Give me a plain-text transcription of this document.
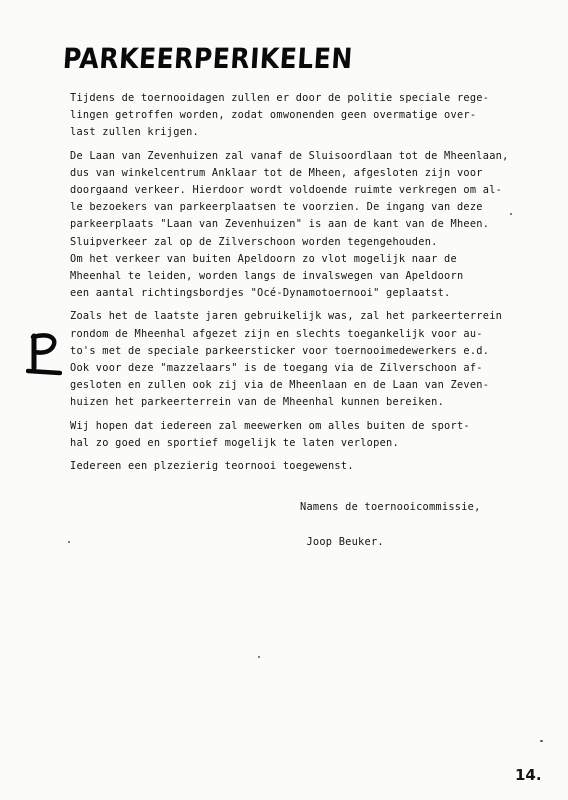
PARKEERPERIKELEN

Tijdens de toernooidagen zullen er door de politie speciale rege-
lingen getroffen worden, zodat omwonenden geen overmatige over-
last zullen krijgen.

De Laan van Zevenhuizen zal vanaf de Sluisoordlaan tot de Mheenlaan,
dus van winkelcentrum Anklaar tot de Mheen, afgesloten zijn voor
doorgaand verkeer. Hierdoor wordt voldoende ruimte verkregen om al-
le bezoekers van parkeerplaatsen te voorzien. De ingang van deze
parkeerplaats "Laan van Zevenhuizen" is aan de kant van de Mheen.
Sluipverkeer zal op de Zilverschoon worden tegengehouden.
Om het verkeer van buiten Apeldoorn zo vlot mogelijk naar de
Mheenhal te leiden, worden langs de invalswegen van Apeldoorn
een aantal richtingsbordjes "Océ-Dynamotoernooi" geplaatst.

Zoals het de laatste jaren gebruikelijk was, zal het parkeerterrein
rondom de Mheenhal afgezet zijn en slechts toegankelijk voor au-
to's met de speciale parkeersticker voor toernooimedewerkers e.d.
Ook voor deze "mazzelaars" is de toegang via de Zilverschoon af-
gesloten en zullen ook zij via de Mheenlaan en de Laan van Zeven-
huizen het parkeerterrein van de Mheenhal kunnen bereiken.

Wij hopen dat iedereen zal meewerken om alles buiten de sport-
hal zo goed en sportief mogelijk te laten verlopen.

Iedereen een plzezierig teornooi toegewenst.

Namens de toernooicommissie,

Joop Beuker.
14.
